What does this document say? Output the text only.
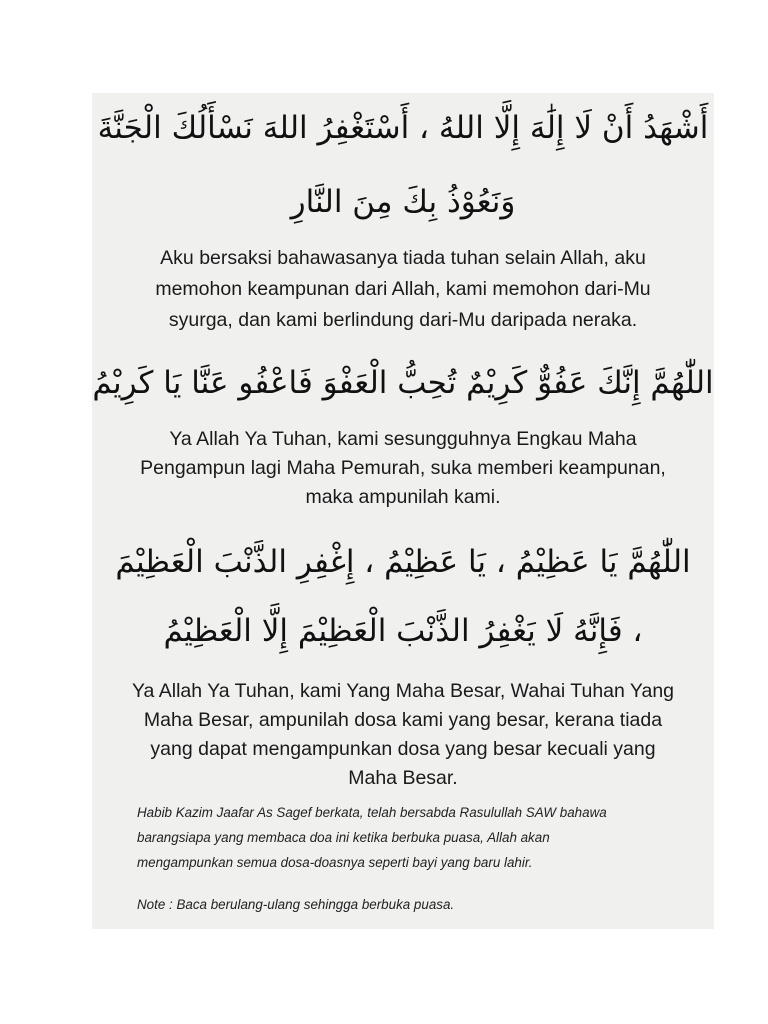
أَشْهَدُ أَنْ لَا إِلَٰهَ إِلَّا اللهُ ، أَسْتَغْفِرُ اللهَ نَسْأَلُكَ الْجَنَّةَ
وَنَعُوْذُ بِكَ مِنَ النَّارِ
Aku bersaksi bahawasanya tiada tuhan selain Allah, aku
memohon keampunan dari Allah, kami memohon dari-Mu
syurga, dan kami berlindung dari-Mu daripada neraka.
اللّٰهُمَّ إِنَّكَ عَفُوٌّ كَرِيْمٌ تُحِبُّ الْعَفْوَ فَاعْفُو عَنَّا يَا كَرِيْمُ
Ya Allah Ya Tuhan, kami sesungguhnya Engkau Maha
Pengampun lagi Maha Pemurah, suka memberi keampunan,
maka ampunilah kami.
اللّٰهُمَّ يَا عَظِيْمُ ، يَا عَظِيْمُ ، إِغْفِرِ الذَّنْبَ الْعَظِيْمَ
، فَإِنَّهُ لَا يَغْفِرُ الذَّنْبَ الْعَظِيْمَ إِلَّا الْعَظِيْمُ
Ya Allah Ya Tuhan, kami Yang Maha Besar, Wahai Tuhan Yang
Maha Besar, ampunilah dosa kami yang besar, kerana tiada
yang dapat mengampunkan dosa yang besar kecuali yang
Maha Besar.
Habib Kazim Jaafar As Sagef berkata, telah bersabda Rasulullah SAW bahawa
barangsiapa yang membaca doa ini ketika berbuka puasa, Allah akan
mengampunkan semua dosa-doasnya seperti bayi yang baru lahir.
Note : Baca berulang-ulang sehingga berbuka puasa.
